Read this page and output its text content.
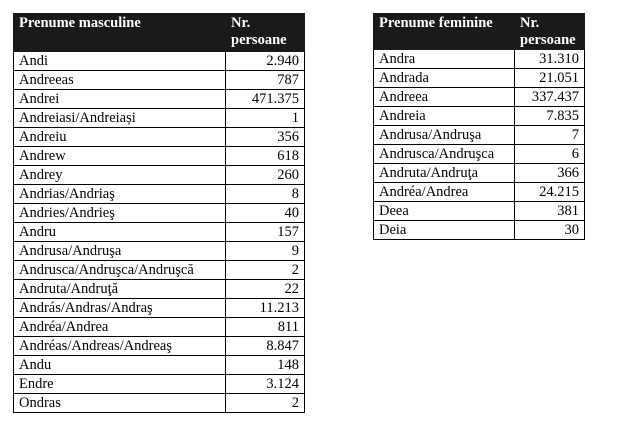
Prenume masculine	Nr. persoane
Andi	2.940
Andreeas	787
Andrei	471.375
Andreiasi/Andreiași	1
Andreiu	356
Andrew	618
Andrey	260
Andrias/Andriaş	8
Andries/Andrieş	40
Andru	157
Andrusa/Andruşa	9
Andrusca/Andruşca/Andruşcă	2
Andruta/Andruţă	22
András/Andras/Andraş	11.213
Andréa/Andrea	811
Andréas/Andreas/Andreaş	8.847
Andu	148
Endre	3.124
Ondras	2
Prenume feminine	Nr. persoane
Andra	31.310
Andrada	21.051
Andreea	337.437
Andreia	7.835
Andrusa/Andruşa	7
Andrusca/Andruşca	6
Andruta/Andruţa	366
Andréa/Andrea	24.215
Deea	381
Deia	30
